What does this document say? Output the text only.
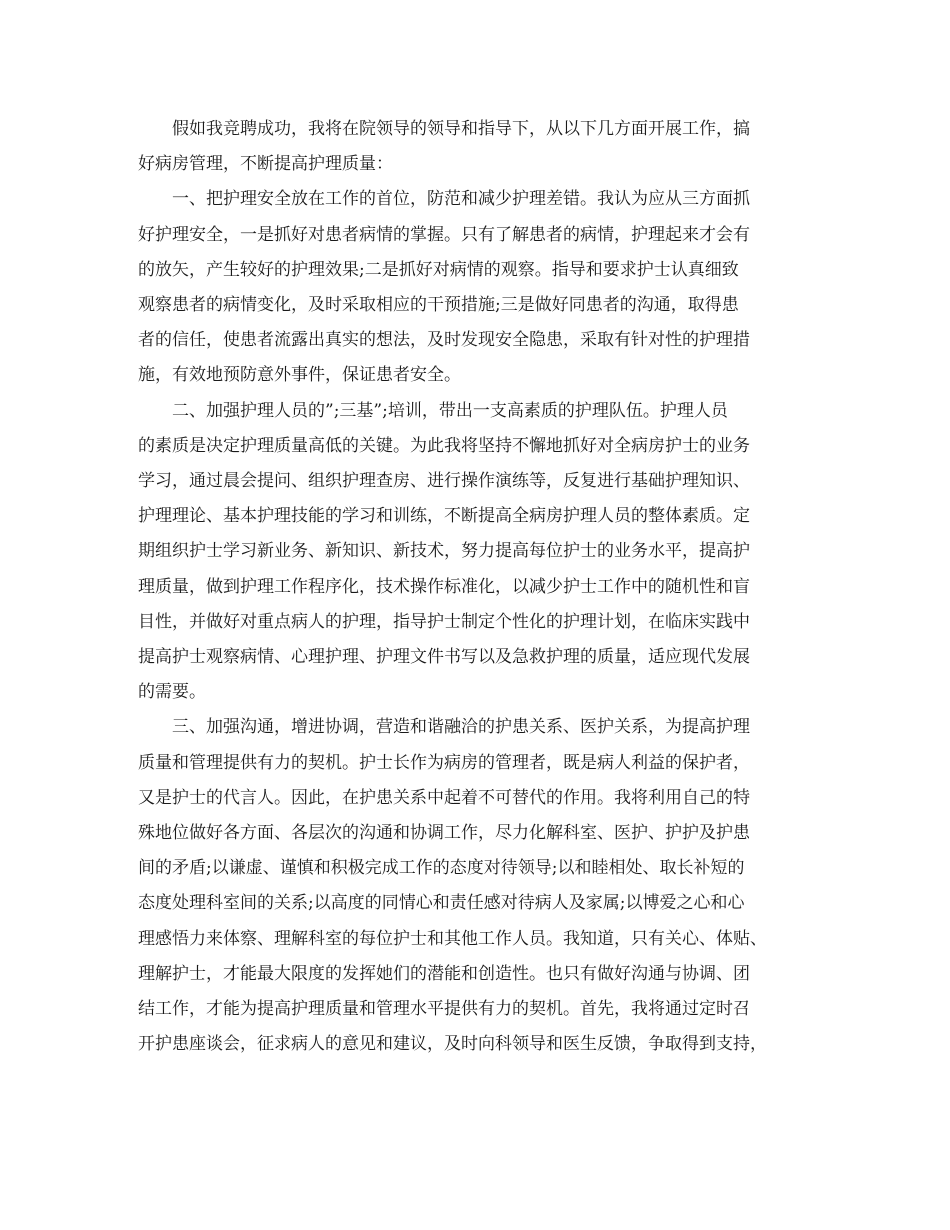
假如我竞聘成功，我将在院领导的领导和指导下，从以下几方面开展工作，搞

好病房管理，不断提高护理质量：

一、把护理安全放在工作的首位，防范和减少护理差错。我认为应从三方面抓

好护理安全，一是抓好对患者病情的掌握。只有了解患者的病情，护理起来才会有

的放矢，产生较好的护理效果;二是抓好对病情的观察。指导和要求护士认真细致

观察患者的病情变化，及时采取相应的干预措施;三是做好同患者的沟通，取得患

者的信任，使患者流露出真实的想法，及时发现安全隐患，采取有针对性的护理措

施，有效地预防意外事件，保证患者安全。

二、加强护理人员的”;三基”;培训，带出一支高素质的护理队伍。护理人员

的素质是决定护理质量高低的关键。为此我将坚持不懈地抓好对全病房护士的业务

学习，通过晨会提问、组织护理查房、进行操作演练等，反复进行基础护理知识、

护理理论、基本护理技能的学习和训练，不断提高全病房护理人员的整体素质。定

期组织护士学习新业务、新知识、新技术，努力提高每位护士的业务水平，提高护

理质量，做到护理工作程序化，技术操作标准化，以减少护士工作中的随机性和盲

目性，并做好对重点病人的护理，指导护士制定个性化的护理计划，在临床实践中

提高护士观察病情、心理护理、护理文件书写以及急救护理的质量，适应现代发展

的需要。

三、加强沟通，增进协调，营造和谐融洽的护患关系、医护关系，为提高护理

质量和管理提供有力的契机。护士长作为病房的管理者，既是病人利益的保护者，

又是护士的代言人。因此，在护患关系中起着不可替代的作用。我将利用自己的特

殊地位做好各方面、各层次的沟通和协调工作，尽力化解科室、医护、护护及护患

间的矛盾;以谦虚、谨慎和积极完成工作的态度对待领导;以和睦相处、取长补短的

态度处理科室间的关系;以高度的同情心和责任感对待病人及家属;以博爱之心和心

理感悟力来体察、理解科室的每位护士和其他工作人员。我知道，只有关心、体贴、

理解护士，才能最大限度的发挥她们的潜能和创造性。也只有做好沟通与协调、团

结工作，才能为提高护理质量和管理水平提供有力的契机。首先，我将通过定时召

开护患座谈会，征求病人的意见和建议，及时向科领导和医生反馈，争取得到支持，
